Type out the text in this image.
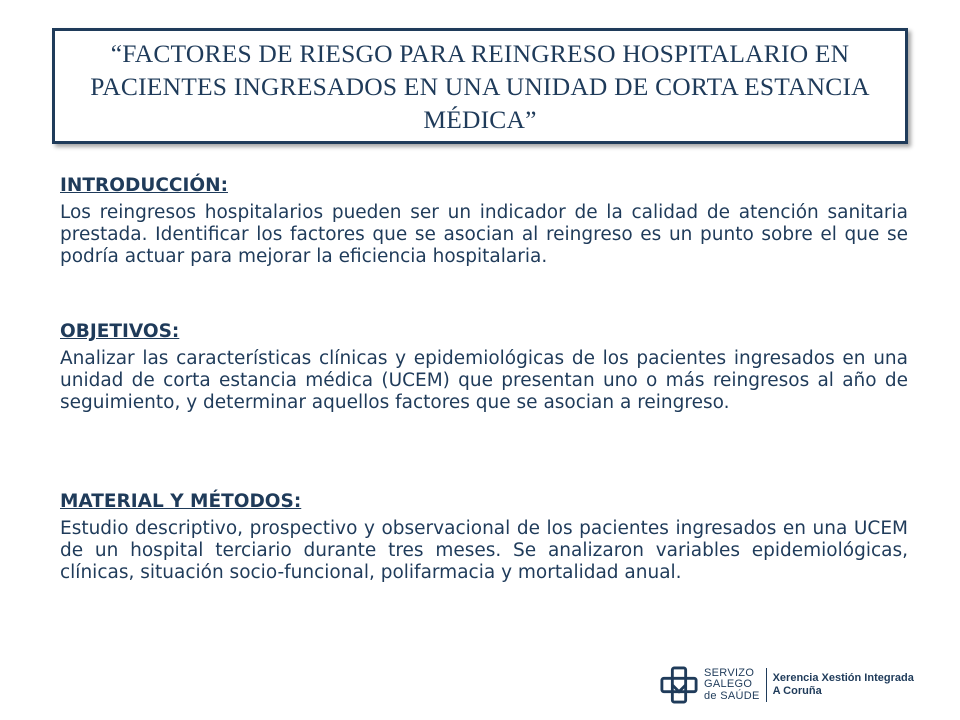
“FACTORES DE RIESGO PARA REINGRESO HOSPITALARIO EN PACIENTES INGRESADOS EN UNA UNIDAD DE CORTA ESTANCIA MÉDICA”

INTRODUCCIÓN:

Los reingresos hospitalarios pueden ser un indicador de la calidad de atención sanitaria prestada. Identificar los factores que se asocian al reingreso es un punto sobre el que se podría actuar para mejorar la eficiencia hospitalaria.

OBJETIVOS:

Analizar las características clínicas y epidemiológicas de los pacientes ingresados en una unidad de corta estancia médica (UCEM) que presentan uno o más reingresos al año de seguimiento, y determinar aquellos factores que se asocian a reingreso.

MATERIAL Y MÉTODOS:

Estudio descriptivo, prospectivo y observacional de los pacientes ingresados en una UCEM de un hospital terciario durante tres meses. Se analizaron variables epidemiológicas, clínicas, situación socio-funcional, polifarmacia y mortalidad anual.

SERVIZO
GALEGO
de SAÚDE
Xerencia Xestión Integrada
A Coruña
